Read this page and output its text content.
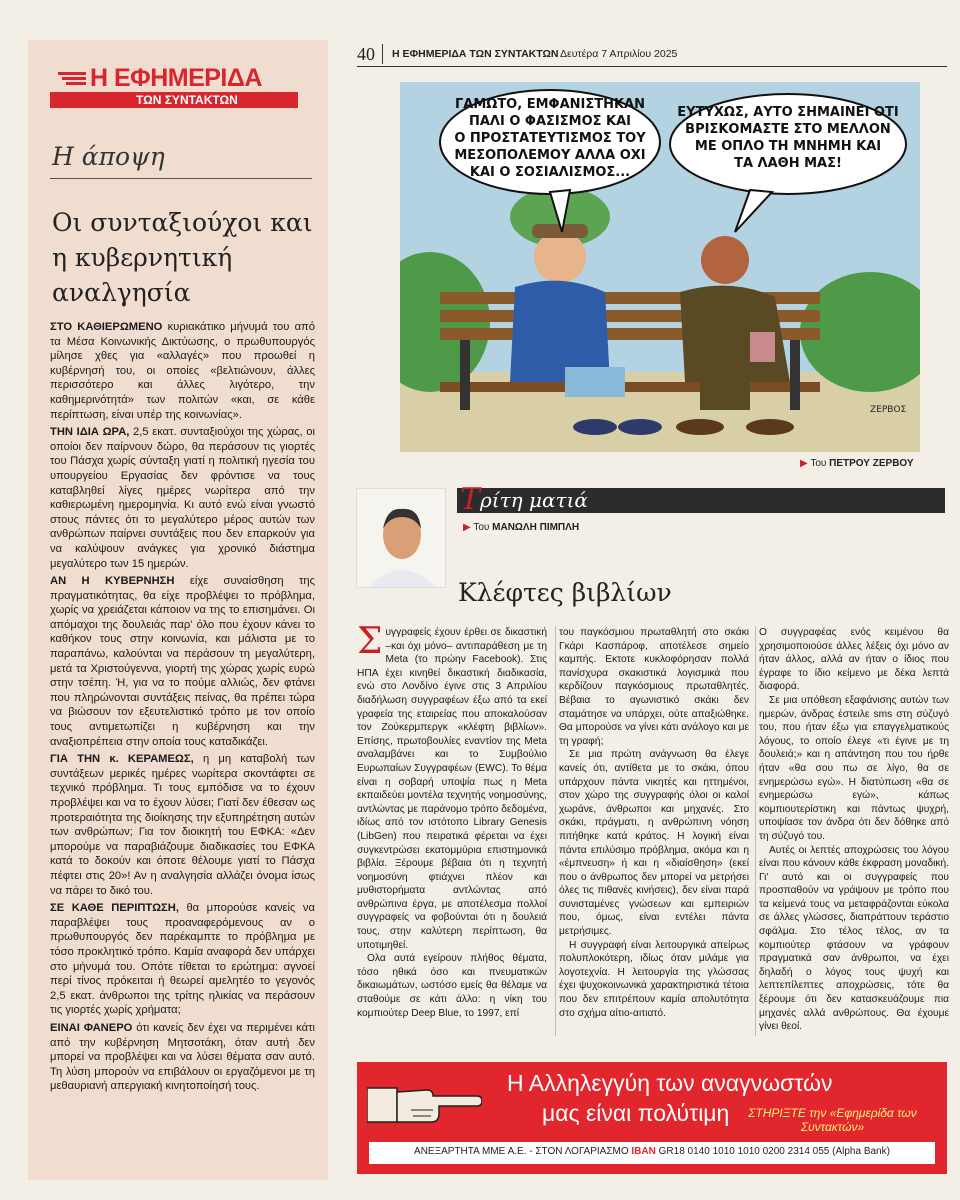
Η ΕΦΗΜΕΡΙΔΑ
ΤΩΝ ΣΥΝΤΑΚΤΩΝ
Η άποψη
Οι συνταξιούχοι και η κυβερνητική αναλγησία

ΣΤΟ ΚΑΘΙΕΡΩΜΕΝΟ κυριακάτικο μήνυμά του από τα Μέσα Κοινωνικής Δικτύωσης, ο πρωθυπουργός μίλησε χθες για «αλλαγές» που προωθεί η κυβέρνησή του, οι οποίες «βελτιώνουν, άλλες περισσότερο και άλλες λιγότερο, την καθημερινότητά» των πολιτών «και, σε κάθε περίπτωση, είναι υπέρ της κοινωνίας».

ΤΗΝ ΙΔΙΑ ΩΡΑ, 2,5 εκατ. συνταξιούχοι της χώρας, οι οποίοι δεν παίρνουν δώρο, θα περάσουν τις γιορτές του Πάσχα χωρίς σύνταξη γιατί η πολιτική ηγεσία του υπουργείου Εργασίας δεν φρόντισε να τους καταβληθεί λίγες ημέρες νωρίτερα από την καθιερωμένη ημερομηνία. Κι αυτό ενώ είναι γνωστό στους πάντες ότι το μεγαλύτερο μέρος αυτών των ανθρώπων παίρνει συντάξεις που δεν επαρκούν για να καλύψουν ανάγκες για χρονικό διάστημα μεγαλύτερο των 15 ημερών.

ΑΝ Η ΚΥΒΕΡΝΗΣΗ είχε συναίσθηση της πραγματικότητας, θα είχε προβλέψει το πρόβλημα, χωρίς να χρειάζεται κάποιον να της το επισημάνει. Οι απόμαχοι της δουλειάς παρ' όλο που έχουν κάνει το καθήκον τους στην κοινωνία, και μάλιστα με το παραπάνω, καλούνται να περάσουν τη μεγαλύτερη, μετά τα Χριστούγεννα, γιορτή της χώρας χωρίς ευρώ στην τσέπη. Ή, για να το πούμε αλλιώς, δεν φτάνει που πληρώνονται συντάξεις πείνας, θα πρέπει τώρα να βιώσουν τον εξευτελιστικό τρόπο με τον οποίο τους αντιμετωπίζει η κυβέρνηση και την αναξιοπρέπεια στην οποία τους καταδικάζει.

ΓΙΑ ΤΗΝ κ. ΚΕΡΑΜΕΩΣ, η μη καταβολή των συντάξεων μερικές ημέρες νωρίτερα σκοντάφτει σε τεχνικό πρόβλημα. Τι τους εμπόδισε να το έχουν προβλέψει και να το έχουν λύσει; Γιατί δεν έθεσαν ως προτεραιότητα της διοίκησης την εξυπηρέτηση αυτών των ανθρώπων; Για τον διοικητή του ΕΦΚΑ: «Δεν μπορούμε να παραβιάζουμε διαδικασίες του ΕΦΚΑ κατά το δοκούν και όποτε θέλουμε γιατί το Πάσχα πέφτει στις 20»! Αν η αναλγησία αλλάζει όνομα ίσως να πάρει το δικό του.

ΣΕ ΚΑΘΕ ΠΕΡΙΠΤΩΣΗ, θα μπορούσε κανείς να παραβλέψει τους προαναφερόμενους αν ο πρωθυπουργός δεν παρέκαμπτε το πρόβλημα με τόσο προκλητικό τρόπο. Καμία αναφορά δεν υπάρχει στο μήνυμά του. Οπότε τίθεται το ερώτημα: αγνοεί περί τίνος πρόκειται ή θεωρεί αμελητέο το γεγονός 2,5 εκατ. άνθρωποι της τρίτης ηλικίας να περάσουν τις γιορτές χωρίς χρήματα;

ΕΙΝΑΙ ΦΑΝΕΡΟ ότι κανείς δεν έχει να περιμένει κάτι από την κυβέρνηση Μητσοτάκη, όταν αυτή δεν μπορεί να προβλέψει και να λύσει θέματα σαν αυτό. Τη λύση μπορούν να επιβάλουν οι εργαζόμενοι με τη μεθαυριανή απεργιακή κινητοποίησή τους.

40 Η ΕΦΗΜΕΡΙΔΑ ΤΩΝ ΣΥΝΤΑΚΤΩΝ Δευτέρα 7 Απριλίου 2025
ΖΕΡΒΟΣ
ΓΑΜΩΤΟ, ΕΜΦΑΝΙΣΤΗΚΑΝ
ΠΑΛΙ Ο ΦΑΣΙΣΜΟΣ ΚΑΙ
Ο ΠΡΟΣΤΑΤΕΥΤΙΣΜΟΣ ΤΟΥ
ΜΕΣΟΠΟΛΕΜΟΥ ΑΛΛΑ ΟΧΙ
ΚΑΙ Ο ΣΟΣΙΑΛΙΣΜΟΣ...
ΕΥΤΥΧΩΣ, ΑΥΤΟ ΣΗΜΑΙΝΕΙ ΟΤΙ
ΒΡΙΣΚΟΜΑΣΤΕ ΣΤΟ ΜΕΛΛΟΝ
ΜΕ ΟΠΛΟ ΤΗ ΜΝΗΜΗ ΚΑΙ
ΤΑ ΛΑΘΗ ΜΑΣ!
▶ Του ΠΕΤΡΟΥ ΖΕΡΒΟΥ
Τ ρίτη ματιά
▶ Του ΜΑΝΩΛΗ ΠΙΜΠΛΗ
Κλέφτες βιβλίων

Συγγραφείς έχουν έρθει σε δικαστική –και όχι μόνο– αντιπαράθεση με τη Meta (το πρώην Facebook). Στις ΗΠΑ έχει κινηθεί δικαστική διαδικασία, ενώ στο Λονδίνο έγινε στις 3 Απριλίου διαδήλωση συγγραφέων έξω από τα εκεί γραφεία της εταιρείας που αποκαλούσαν τον Ζούκερμπεργκ «κλέφτη βιβλίων». Επίσης, πρωτοβουλίες εναντίον της Meta αναλαμβάνει και το Συμβούλιο Ευρωπαίων Συγγραφέων (EWC). Το θέμα είναι η σοβαρή υποψία πως η Meta εκπαιδεύει μοντέλα τεχνητής νοημοσύνης, αντλώντας με παράνομο τρόπο δεδομένα, ιδίως από τον ιστότοπο Library Genesis (LibGen) που πειρατικά φέρεται να έχει συγκεντρώσει εκατομμύρια επιστημονικά βιβλία. Ξέρουμε βέβαια ότι η τεχνητή νοημοσύνη φτιάχνει πλέον και μυθιστορήματα αντλώντας από ανθρώπινα έργα, με αποτέλεσμα πολλοί συγγραφείς να φοβούνται ότι η δουλειά τους, στην καλύτερη περίπτωση, θα υποτιμηθεί.

Ολα αυτά εγείρουν πλήθος θέματα, τόσο ηθικά όσο και πνευματικών δικαιωμάτων, ωστόσο εμείς θα θέλαμε να σταθούμε σε κάτι άλλο: η νίκη του κομπιούτερ Deep Blue, το 1997, επί

του παγκόσμιου πρωταθλητή στο σκάκι Γκάρι Κασπάροφ, αποτέλεσε σημείο καμπής. Εκτοτε κυκλοφόρησαν πολλά πανίσχυρα σκακιστικά λογισμικά που κερδίζουν παγκόσμιους πρωταθλητές. Βέβαια το αγωνιστικό σκάκι δεν σταμάτησε να υπάρχει, ούτε απαξιώθηκε. Θα μπορούσε να γίνει κάτι ανάλογο και με τη γραφή;

Σε μια πρώτη ανάγνωση θα έλεγε κανείς ότι, αντίθετα με το σκάκι, όπου υπάρχουν πάντα νικητές και ηττημένοι, στον χώρο της συγγραφής όλοι οι καλοί χωράνε, άνθρωποι και μηχανές. Στο σκάκι, πράγματι, η ανθρώπινη νόηση πιτήθηκε κατά κράτος. Η λογική είναι πάντα επιλύσιμο πρόβλημα, ακόμα και η «έμπνευση» ή και η «διαίσθηση» (εκεί που ο άνθρωπος δεν μπορεί να μετρήσει όλες τις πιθανές κινήσεις), δεν είναι παρά συνισταμένες γνώσεων και εμπειριών που, όμως, είναι εντέλει πάντα μετρήσιμες.

Η συγγραφή είναι λειτουργικά απείρως πολυπλοκότερη, ιδίως όταν μιλάμε για λογοτεχνία. Η λειτουργία της γλώσσας έχει ψυχοκοινωνικά χαρακτηριστικά τέτοια που δεν επιτρέπουν καμία απολυτότητα στο σχήμα αίτιο-αιτιατό.

Ο συγγραφέας ενός κειμένου θα χρησιμοποιούσε άλλες λέξεις όχι μόνο αν ήταν άλλος, αλλά αν ήταν ο ίδιος που έγραφε το ίδιο κείμενο με δέκα λεπτά διαφορά.

Σε μια υπόθεση εξαφάνισης αυτών των ημερών, άνδρας έστειλε sms στη σύζυγό του, που ήταν έξω για επαγγελματικούς λόγους, το οποίο έλεγε «τι έγινε με τη δουλειά;» και η απάντηση που του ήρθε ήταν «θα σου πω σε λίγο, θα σε ενημερώσω εγώ». Η διατύπωση «θα σε ενημερώσω εγώ», κάπως κομπιουτερίστικη και πάντως ψυχρή, υποψίασε τον άνδρα ότι δεν δόθηκε από τη σύζυγό του.

Αυτές οι λεπτές αποχρώσεις του λόγου είναι που κάνουν κάθε έκφραση μοναδική. Γι' αυτό και οι συγγραφείς που προσπαθούν να γράψουν με τρόπο που τα κείμενά τους να μεταφράζονται εύκολα σε άλλες γλώσσες, διαπράττουν τεράστιο σφάλμα. Στο τέλος τέλος, αν τα κομπιούτερ φτάσουν να γράφουν πραγματικά σαν άνθρωποι, να έχει δηλαδή ο λόγος τους ψυχή και λεπτεπίλεπτες αποχρώσεις, τότε θα ξέρουμε ότι δεν κατασκευάζουμε πια μηχανές αλλά ανθρώπους. Θα έχουμε γίνει θεοί.

Η Αλληλεγγύη των αναγνωστών
μας είναι πολύτιμη ΣΤΗΡΙΞΤΕ την «Εφημερίδα των Συντακτών»
ΑΝΕΞΑΡΤΗΤΑ ΜΜΕ Α.Ε. - ΣΤΟΝ ΛΟΓΑΡΙΑΣΜΟ IBAN GR18 0140 1010 1010 0200 2314 055 (Alpha Bank)
